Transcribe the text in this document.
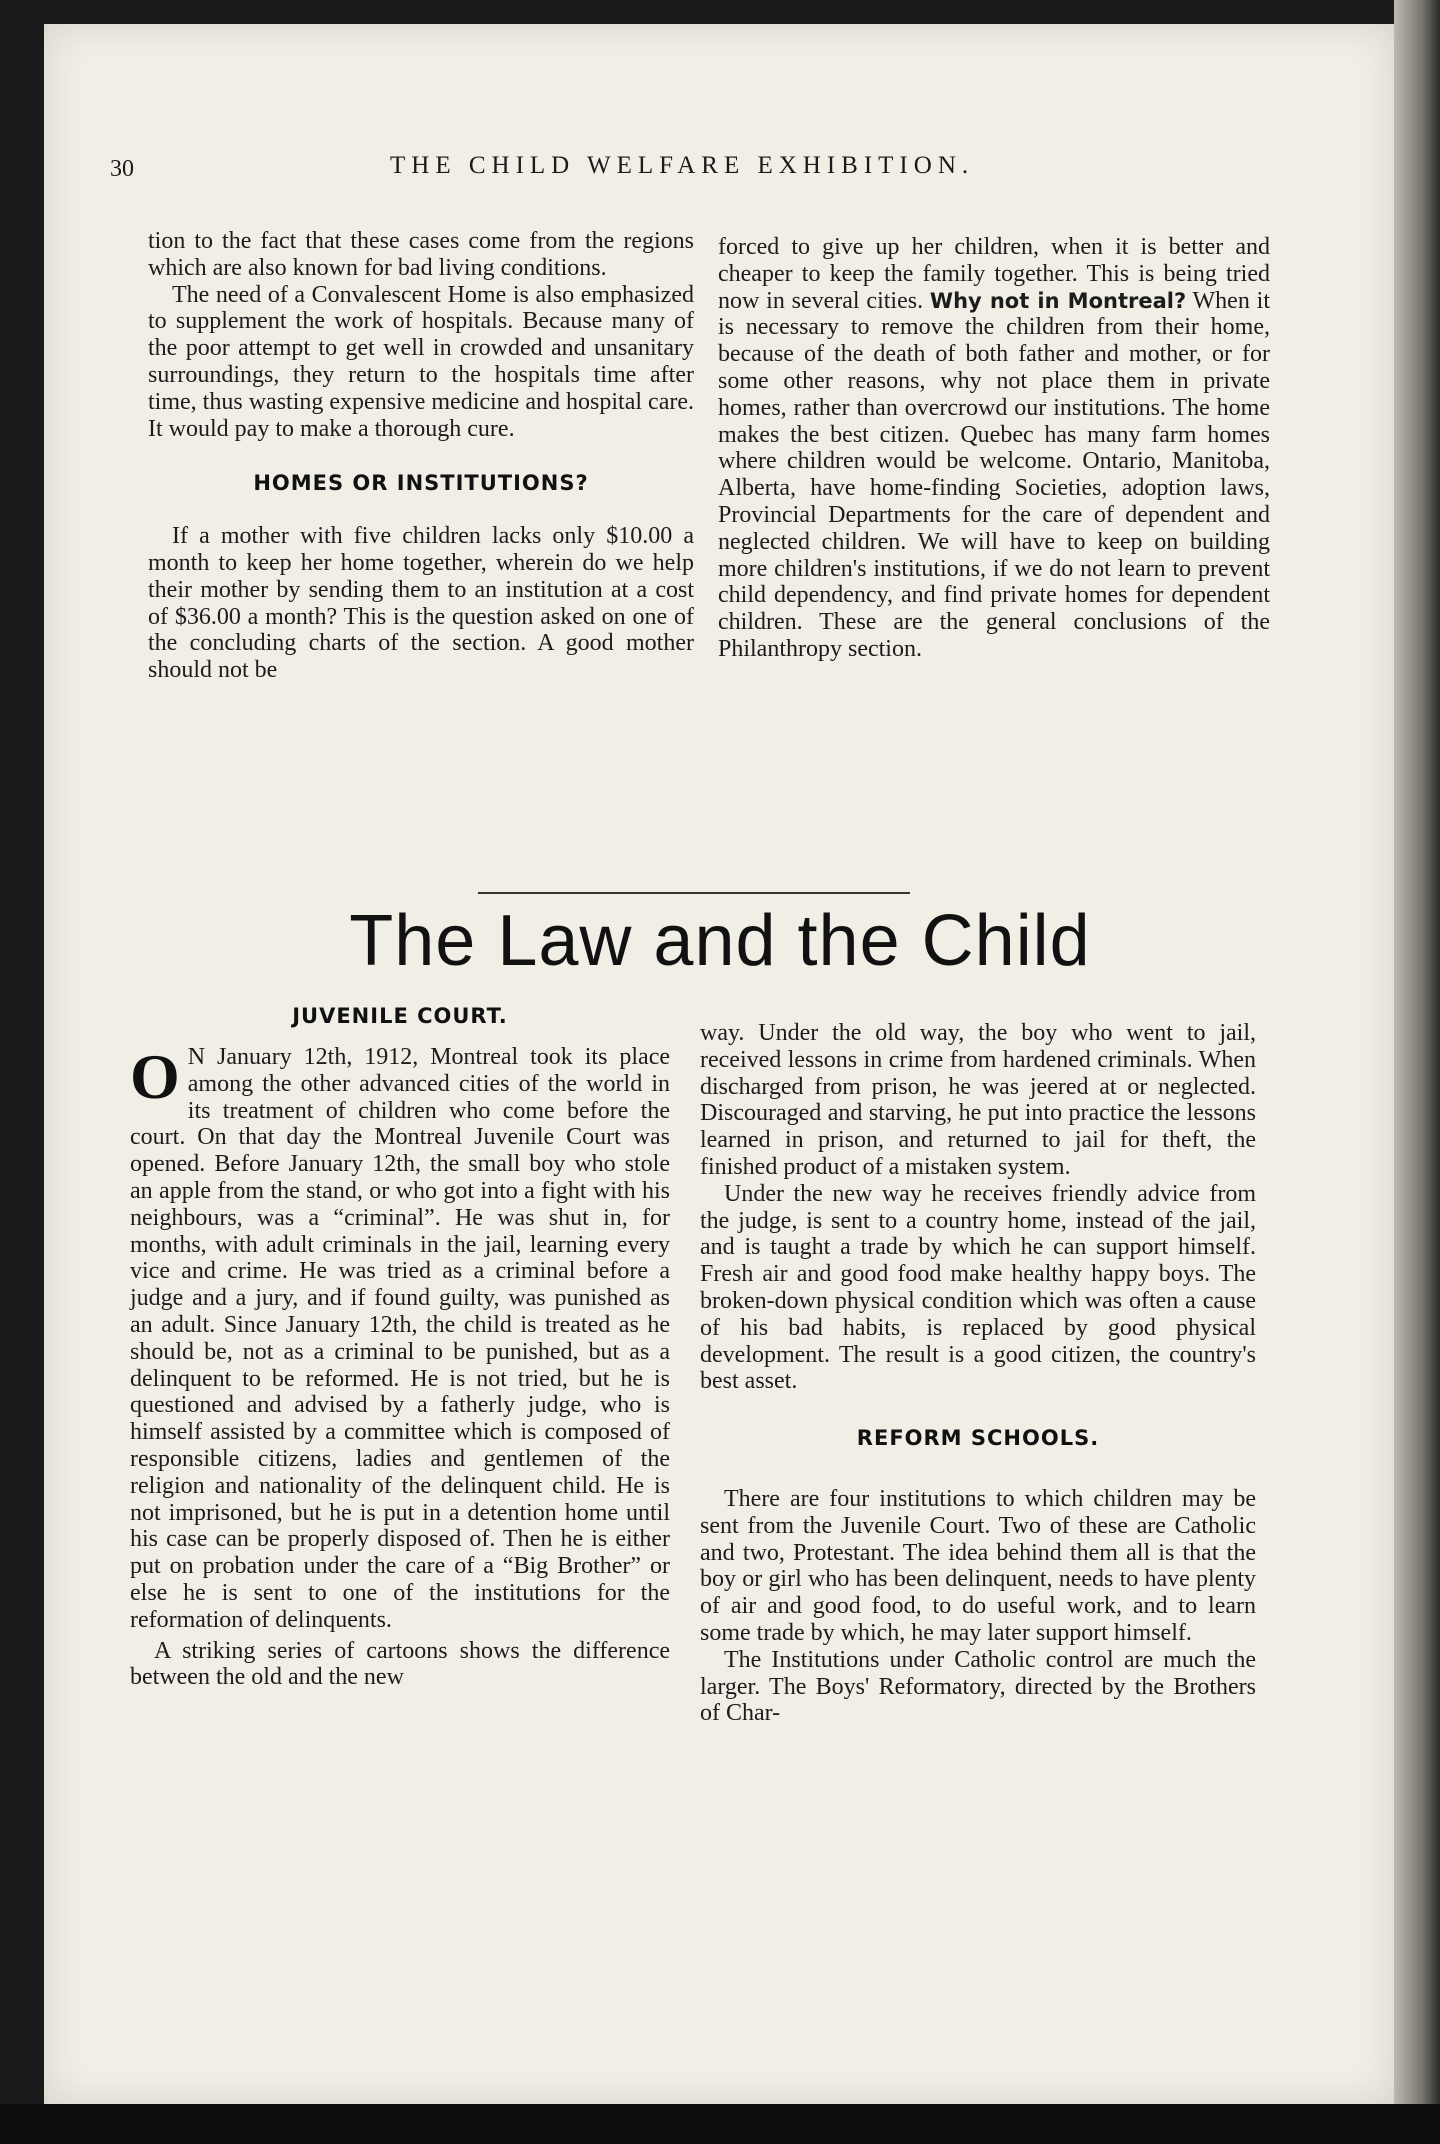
30	THE CHILD WELFARE EXHIBITION.

tion to the fact that these cases come from the regions which are also known for bad living conditions.

The need of a Convalescent Home is also emphasized to supplement the work of hospitals. Because many of the poor attempt to get well in crowded and unsanitary surroundings, they return to the hospitals time after time, thus wasting expensive medicine and hospital care. It would pay to make a thorough cure.

HOMES OR INSTITUTIONS?

If a mother with five children lacks only $10.00 a month to keep her home together, wherein do we help their mother by sending them to an institution at a cost of $36.00 a month? This is the question asked on one of the concluding charts of the section. A good mother should not be

forced to give up her children, when it is better and cheaper to keep the family together. This is being tried now in several cities. Why not in Montreal? When it is necessary to remove the children from their home, because of the death of both father and mother, or for some other reasons, why not place them in private homes, rather than overcrowd our institutions. The home makes the best citizen. Quebec has many farm homes where children would be welcome. Ontario, Manitoba, Alberta, have home-finding Societies, adoption laws, Provincial Departments for the care of dependent and neglected children. We will have to keep on building more children's institutions, if we do not learn to prevent child dependency, and find private homes for dependent children. These are the general conclusions of the Philanthropy section.

The Law and the Child
JUVENILE COURT.

O N January 12th, 1912, Montreal took its place among the other advanced cities of the world in its treatment of children who come before the court. On that day the Montreal Juvenile Court was opened. Before January 12th, the small boy who stole an apple from the stand, or who got into a fight with his neighbours, was a “criminal”. He was shut in, for months, with adult criminals in the jail, learning every vice and crime. He was tried as a criminal before a judge and a jury, and if found guilty, was punished as an adult. Since January 12th, the child is treated as he should be, not as a criminal to be punished, but as a delinquent to be reformed. He is not tried, but he is questioned and advised by a fatherly judge, who is himself assisted by a committee which is composed of responsible citizens, ladies and gentlemen of the religion and nationality of the delinquent child. He is not imprisoned, but he is put in a detention home until his case can be properly disposed of. Then he is either put on probation under the care of a “Big Brother” or else he is sent to one of the institutions for the reformation of delinquents.

A striking series of cartoons shows the difference between the old and the new

way. Under the old way, the boy who went to jail, received lessons in crime from hardened criminals. When discharged from prison, he was jeered at or neglected. Discouraged and starving, he put into practice the lessons learned in prison, and returned to jail for theft, the finished product of a mistaken system.

Under the new way he receives friendly advice from the judge, is sent to a country home, instead of the jail, and is taught a trade by which he can support himself. Fresh air and good food make healthy happy boys. The broken-down physical condition which was often a cause of his bad habits, is replaced by good physical development. The result is a good citizen, the country's best asset.

REFORM SCHOOLS.

There are four institutions to which children may be sent from the Juvenile Court. Two of these are Catholic and two, Protestant. The idea behind them all is that the boy or girl who has been delinquent, needs to have plenty of air and good food, to do useful work, and to learn some trade by which, he may later support himself.

The Institutions under Catholic control are much the larger. The Boys' Reformatory, directed by the Brothers of Char-
